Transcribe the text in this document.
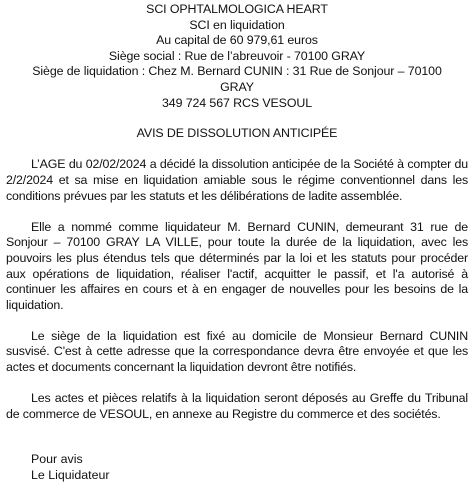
SCI OPHTALMOLOGICA HEART
SCI en liquidation
Au capital de 60 979,61 euros
Siège social : Rue de l’abreuvoir - 70100 GRAY
Siège de liquidation : Chez M. Bernard CUNIN : 31 Rue de Sonjour – 70100
GRAY
349 724 567 RCS VESOUL
AVIS DE DISSOLUTION ANTICIPÉE

L’AGE du 02/02/2024 a décidé la dissolution anticipée de la Société à compter du 2/2/2024 et sa mise en liquidation amiable sous le régime conventionnel dans les conditions prévues par les statuts et les délibérations de ladite assemblée.

Elle a nommé comme liquidateur M. Bernard CUNIN, demeurant 31 rue de Sonjour – 70100 GRAY LA VILLE, pour toute la durée de la liquidation, avec les pouvoirs les plus étendus tels que déterminés par la loi et les statuts pour procéder aux opérations de liquidation, réaliser l'actif, acquitter le passif, et l'a autorisé à continuer les affaires en cours et à en engager de nouvelles pour les besoins de la liquidation.

Le siège de la liquidation est fixé au domicile de Monsieur Bernard CUNIN susvisé. C'est à cette adresse que la correspondance devra être envoyée et que les actes et documents concernant la liquidation devront être notifiés.

Les actes et pièces relatifs à la liquidation seront déposés au Greffe du Tribunal de commerce de VESOUL, en annexe au Registre du commerce et des sociétés.

Pour avis
Le Liquidateur
